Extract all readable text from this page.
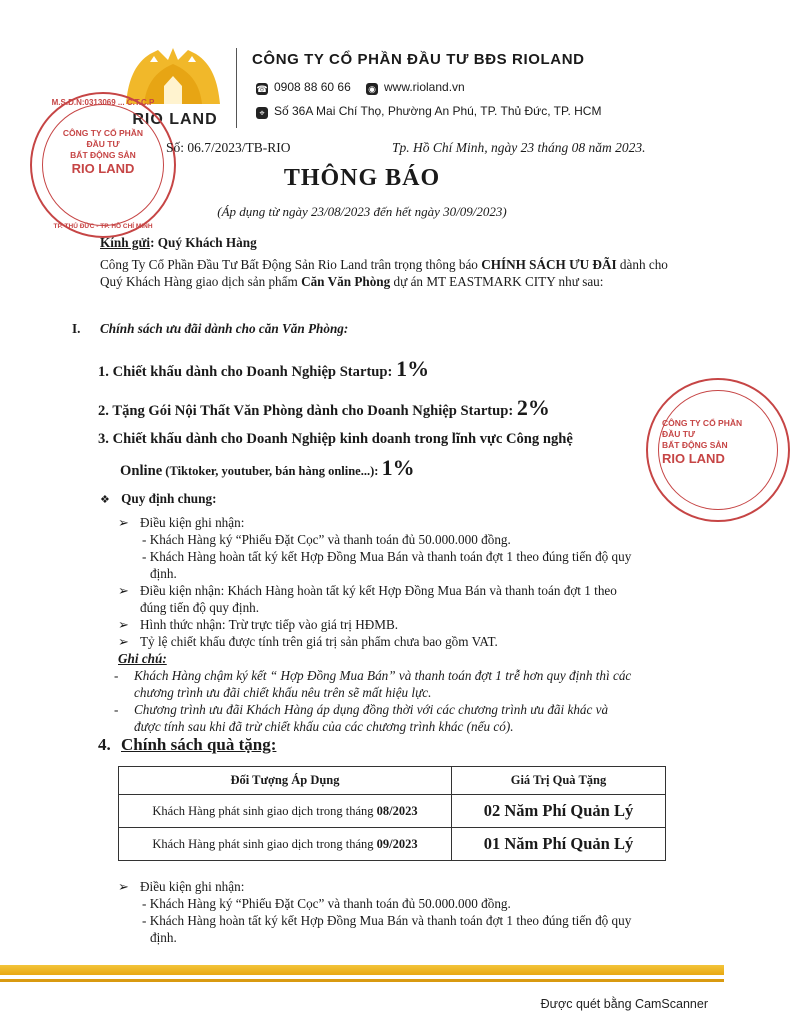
RIO LAND
CÔNG TY CỔ PHẦN ĐẦU TƯ BĐS RIOLAND
☎ 0908 88 60 66 ◉ www.rioland.vn
⌖ Số 36A Mai Chí Thọ, Phường An Phú, TP. Thủ Đức, TP. HCM
M.S.D.N:0313069 ... C.T.C.P
CÔNG TY CỔ PHẦN
ĐẦU TƯ
BẤT ĐỘNG SẢN
RIO LAND
TP. THỦ ĐỨC - TP. HỒ CHÍ MINH
CÔNG TY CỔ PHẦN
ĐẦU TƯ
BẤT ĐỘNG SẢN
RIO LAND
Số: 06.7/2023/TB-RIO	Tp. Hồ Chí Minh, ngày 23 tháng 08 năm 2023.
THÔNG BÁO
(Áp dụng từ ngày 23/08/2023 đến hết ngày 30/09/2023)
Kính gửi: Quý Khách Hàng

Công Ty Cổ Phần Đầu Tư Bất Động Sản Rio Land trân trọng thông báo CHÍNH SÁCH ƯU ĐÃI dành cho Quý Khách Hàng giao dịch sản phẩm Căn Văn Phòng dự án MT EASTMARK CITY như sau:

I. Chính sách ưu đãi dành cho căn Văn Phòng:
1. Chiết khấu dành cho Doanh Nghiệp Startup: 1%
2. Tặng Gói Nội Thất Văn Phòng dành cho Doanh Nghiệp Startup: 2%
3. Chiết khấu dành cho Doanh Nghiệp kinh doanh trong lĩnh vực Công nghệ
Online (Tiktoker, youtuber, bán hàng online...): 1%
❖ Quy định chung:
➢ Điều kiện ghi nhận:
- Khách Hàng ký “Phiếu Đặt Cọc” và thanh toán đủ 50.000.000 đồng.
- Khách Hàng hoàn tất ký kết Hợp Đồng Mua Bán và thanh toán đợt 1 theo đúng tiến độ quy
định.
➢ Điều kiện nhận: Khách Hàng hoàn tất ký kết Hợp Đồng Mua Bán và thanh toán đợt 1 theo
đúng tiến độ quy định.
➢ Hình thức nhận: Trừ trực tiếp vào giá trị HĐMB.
➢ Tỷ lệ chiết khấu được tính trên giá trị sản phẩm chưa bao gồm VAT.
Ghi chú:
- Khách Hàng chậm ký kết “ Hợp Đồng Mua Bán” và thanh toán đợt 1 trễ hơn quy định thì các
chương trình ưu đãi chiết khấu nêu trên sẽ mất hiệu lực.
- Chương trình ưu đãi Khách Hàng áp dụng đồng thời với các chương trình ưu đãi khác và
được tính sau khi đã trừ chiết khấu của các chương trình khác (nếu có).
4. Chính sách quà tặng:
Đối Tượng Áp Dụng	Giá Trị Quà Tặng
Khách Hàng phát sinh giao dịch trong tháng 08/2023	02 Năm Phí Quản Lý
Khách Hàng phát sinh giao dịch trong tháng 09/2023	01 Năm Phí Quản Lý
➢ Điều kiện ghi nhận:
- Khách Hàng ký “Phiếu Đặt Cọc” và thanh toán đủ 50.000.000 đồng.
- Khách Hàng hoàn tất ký kết Hợp Đồng Mua Bán và thanh toán đợt 1 theo đúng tiến độ quy
định.
Được quét bằng CamScanner
